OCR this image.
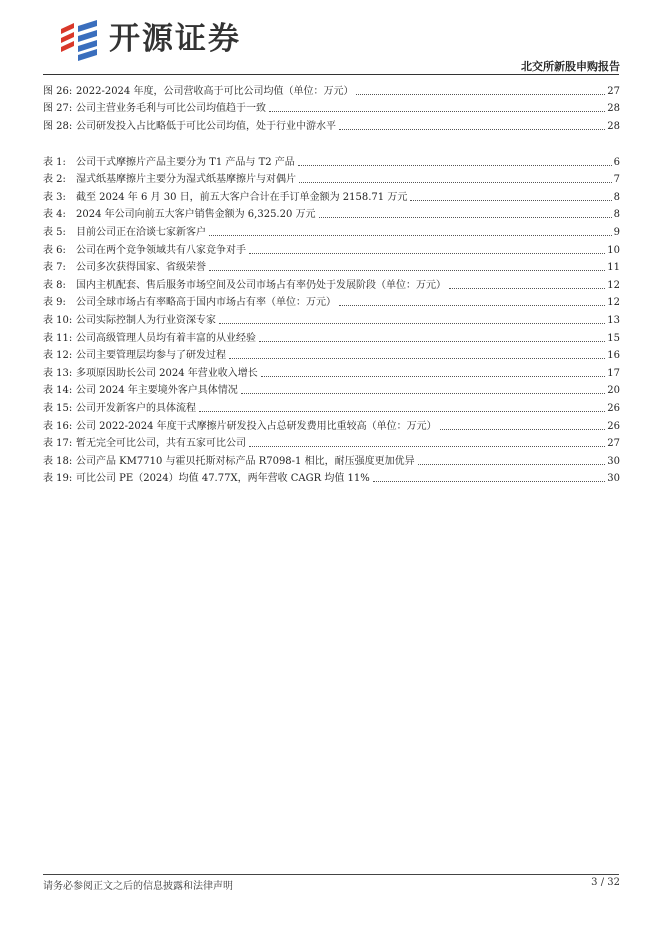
开源证券
北交所新股申购报告
图 26: 2022-2024 年度，公司营收高于可比公司均值（单位：万元）	27
图 27: 公司主营业务毛利与可比公司均值趋于一致	28
图 28: 公司研发投入占比略低于可比公司均值，处于行业中游水平	28
表 1:	公司干式摩擦片产品主要分为 T1 产品与 T2 产品	6
表 2:	湿式纸基摩擦片主要分为湿式纸基摩擦片与对偶片	7
表 3:	截至 2024 年 6 月 30 日，前五大客户合计在手订单金额为 2158.71 万元	8
表 4:	2024 年公司向前五大客户销售金额为 6,325.20 万元	8
表 5:	目前公司正在洽谈七家新客户	9
表 6:	公司在两个竞争领域共有八家竞争对手	10
表 7:	公司多次获得国家、省级荣誉	11
表 8:	国内主机配套、售后服务市场空间及公司市场占有率仍处于发展阶段（单位：万元）	12
表 9:	公司全球市场占有率略高于国内市场占有率（单位：万元）	12
表 10: 公司实际控制人为行业资深专家	13
表 11: 公司高级管理人员均有着丰富的从业经验	15
表 12: 公司主要管理层均参与了研发过程	16
表 13: 多项原因助长公司 2024 年营业收入增长	17
表 14: 公司 2024 年主要境外客户具体情况	20
表 15: 公司开发新客户的具体流程	26
表 16: 公司 2022-2024 年度干式摩擦片研发投入占总研发费用比重较高（单位：万元）	26
表 17: 暂无完全可比公司，共有五家可比公司	27
表 18: 公司产品 KM7710 与霍贝托斯对标产品 R7098-1 相比，耐压强度更加优异	30
表 19: 可比公司 PE（2024）均值 47.77X，两年营收 CAGR 均值 11%	30
请务必参阅正文之后的信息披露和法律声明	3 / 32
